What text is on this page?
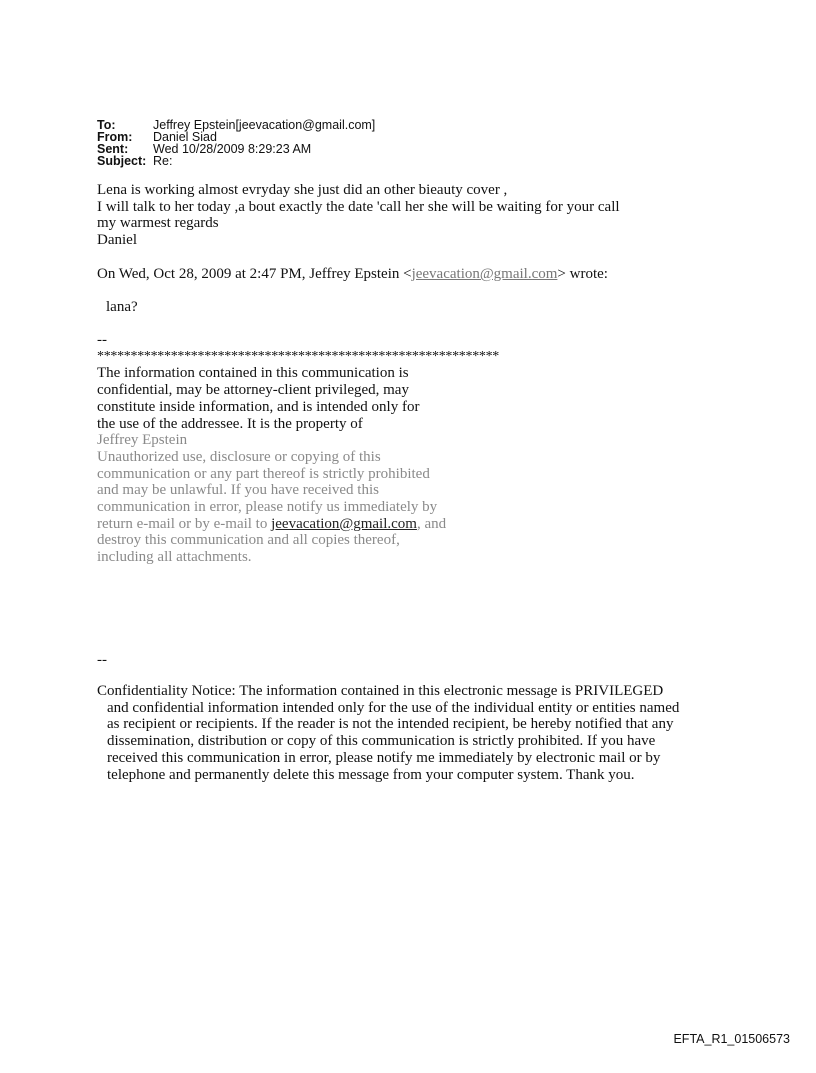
To:	Jeffrey Epstein[jeevacation@gmail.com]
From:	Daniel Siad
Sent:	Wed 10/28/2009 8:29:23 AM
Subject: Re:
Lena is working almost evryday she just did an other bieauty cover ,
I will talk to her today ,a bout exactly the date 'call her she will be waiting for your call
my warmest regards
Daniel
On Wed, Oct 28, 2009 at 2:47 PM, Jeffrey Epstein <jeevacation@gmail.com> wrote:
lana?
--
************************************************************
The information contained in this communication is
confidential, may be attorney-client privileged, may
constitute inside information, and is intended only for
the use of the addressee. It is the property of
Jeffrey Epstein
Unauthorized use, disclosure or copying of this
communication or any part thereof is strictly prohibited
and may be unlawful. If you have received this
communication in error, please notify us immediately by
return e-mail or by e-mail to jeevacation@gmail.com, and
destroy this communication and all copies thereof,
including all attachments.
--
Confidentiality Notice: The information contained in this electronic message is PRIVILEGED
and confidential information intended only for the use of the individual entity or entities named
as recipient or recipients. If the reader is not the intended recipient, be hereby notified that any
dissemination, distribution or copy of this communication is strictly prohibited. If you have
received this communication in error, please notify me immediately by electronic mail or by
telephone and permanently delete this message from your computer system. Thank you.
EFTA_R1_01506573
